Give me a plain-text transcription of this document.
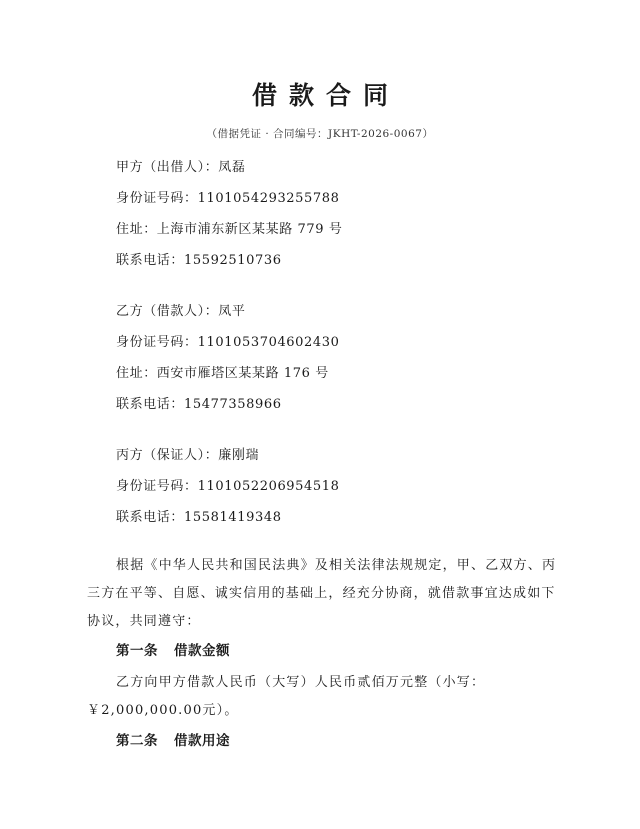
借款合同
（借据凭证 · 合同编号：JKHT-2026-0067）
甲方（出借人）：凤磊
身份证号码：1101054293255788
住址：上海市浦东新区某某路 779 号
联系电话：15592510736
乙方（借款人）：凤平
身份证号码：1101053704602430
住址：西安市雁塔区某某路 176 号
联系电话：15477358966
丙方（保证人）：廉刚瑞
身份证号码：1101052206954518
联系电话：15581419348
根据《中华人民共和国民法典》及相关法律法规规定，甲、乙双方、丙三方在平等、自愿、诚实信用的基础上，经充分协商，就借款事宜达成如下协议，共同遵守：
第一条 借款金额
乙方向甲方借款人民币（大写）人民币贰佰万元整（小写：￥2,000,000.00元）。
第二条 借款用途
